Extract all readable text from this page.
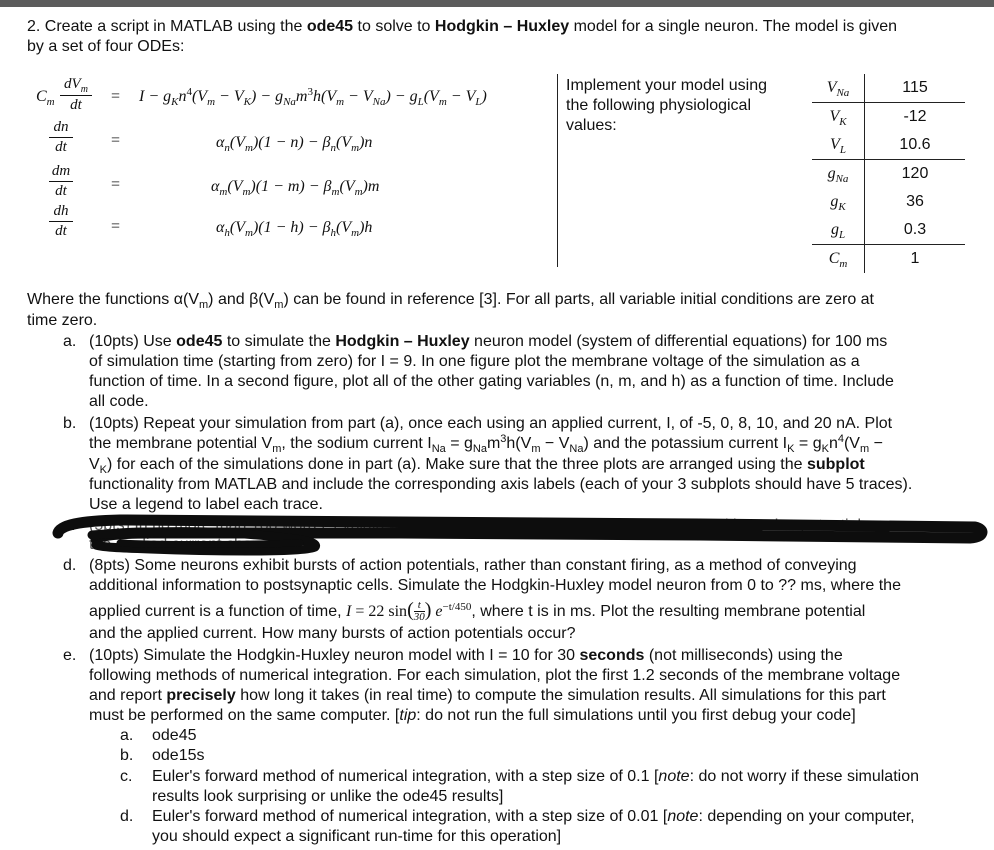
2. Create a script in MATLAB using the ode45 to solve to Hodgkin – Huxley model for a single neuron. The model is given
by a set of four ODEs:
$C_m$
$dV_m$
dt	= $I - g_Kn^4(V_m - V_K) - g_{Na}m^3h(V_m - V_{Na}) - g_L(V_m - V_L)$
dn
dt	=	$\alpha_n(V_m)(1 - n) - \beta_n(V_m)n$
dm
dt	=	$\alpha_m(V_m)(1 - m) - \beta_m(V_m)m$
dh
dt	=	$\alpha_h(V_m)(1 - h) - \beta_h(V_m)h$
Implement your model using
the following physiological
values:
$V_{Na}$	115
$V_K$	-12
$V_L$	10.6
$g_{Na}$	120
$g_K$	36
$g_L$	0.3
$C_m$	1
Where the functions $\alpha(V_m)$ and $\beta(V_m)$ can be found in reference [3]. For all parts, all variable initial conditions are zero at
time zero.
a. (10pts) Use ode45 to simulate the Hodgkin – Huxley neuron model (system of differential equations) for 100 ms
of simulation time (starting from zero) for I = 9. In one figure plot the membrane voltage of the simulation as a
function of time. In a second figure, plot all of the other gating variables (n, m, and h) as a function of time. Include
all code.
b. (10pts) Repeat your simulation from part (a), once each using an applied current, I, of -5, 0, 8, 10, and 20 nA. Plot
the membrane potential $V_m$, the sodium current $I_{Na} = g_{Na}m^3h(V_m - V_{Na})$ and the potassium current $I_K = g_Kn^4(V_m$ −
$V_K$) for each of the simulations done in part (a). Make sure that the three plots are arranged using the subplot
functionality from MATLAB and include the corresponding axis labels (each of your 3 subplots should have 5 traces).
Use a legend to label each trace.
c. (5pts) In no more than 100 words, explain what happens to the behavior of the neuron and its action potentials as
the applied current changes.
d. (8pts) Some neurons exhibit bursts of action potentials, rather than constant firing, as a method of conveying
additional information to postsynaptic cells. Simulate the Hodgkin-Huxley model neuron from 0 to ?? ms, where the
applied current is a function of time, I = 22 $\sin( \frac{t}{30}$ ) $e^{-t/450}$, where t is in ms. Plot the resulting membrane potential
and the applied current. How many bursts of action potentials occur?
e. (10pts) Simulate the Hodgkin-Huxley neuron model with I = 10 for 30 seconds (not milliseconds) using the
following methods of numerical integration. For each simulation, plot the first 1.2 seconds of the membrane voltage
and report precisely how long it takes (in real time) to compute the simulation results. All simulations for this part
must be performed on the same computer. [tip: do not run the full simulations until you first debug your code]
a. ode45
b. ode15s
c. Euler's forward method of numerical integration, with a step size of 0.1 [note: do not worry if these simulation
results look surprising or unlike the ode45 results]
d. Euler's forward method of numerical integration, with a step size of 0.01 [note: depending on your computer,
you should expect a significant run-time for this operation]
